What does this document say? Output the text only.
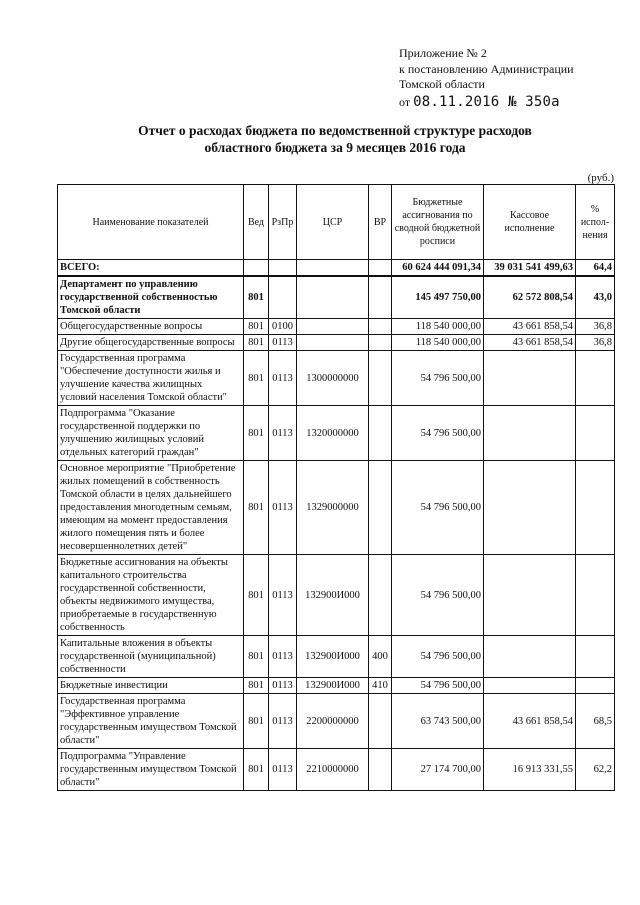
Приложение № 2
к постановлению Администрации
Томской области
от 08.11.2016 № 350а
Отчет о расходах бюджета по ведомственной структуре расходов
областного бюджета за 9 месяцев 2016 года
(руб.)
Наименование показателей	Вед	РзПр	ЦСР	ВР	Бюджетные ассигнования по сводной бюджетной росписи	Кассовое исполнение	% испол-нения
ВСЕГО:					60 624 444 091,34	39 031 541 499,63	64,4
Департамент по управлению государственной собственностью Томской области	801				145 497 750,00	62 572 808,54	43,0
Общегосударственные вопросы	801	0100			118 540 000,00	43 661 858,54	36,8
Другие общегосударственные вопросы	801	0113			118 540 000,00	43 661 858,54	36,8
Государственная программа "Обеспечение доступности жилья и улучшение качества жилищных условий населения Томской области"	801	0113	1300000000		54 796 500,00		
Подпрограмма "Оказание государственной поддержки по улучшению жилищных условий отдельных категорий граждан"	801	0113	1320000000		54 796 500,00		
Основное мероприятие "Приобретение жилых помещений в собственность Томской области в целях дальнейшего предоставления многодетным семьям, имеющим на момент предоставления жилого помещения пять и более несовершеннолетних детей"	801	0113	1329000000		54 796 500,00		
Бюджетные ассигнования на объекты капитального строительства государственной собственности, объекты недвижимого имущества, приобретаемые в государственную собственность	801	0113	132900И000		54 796 500,00		
Капитальные вложения в объекты государственной (муниципальной) собственности	801	0113	132900И000	400	54 796 500,00		
Бюджетные инвестиции	801	0113	132900И000	410	54 796 500,00		
Государственная программа "Эффективное управление государственным имуществом Томской области"	801	0113	2200000000		63 743 500,00	43 661 858,54	68,5
Подпрограмма "Управление государственным имуществом Томской области"	801	0113	2210000000		27 174 700,00	16 913 331,55	62,2
